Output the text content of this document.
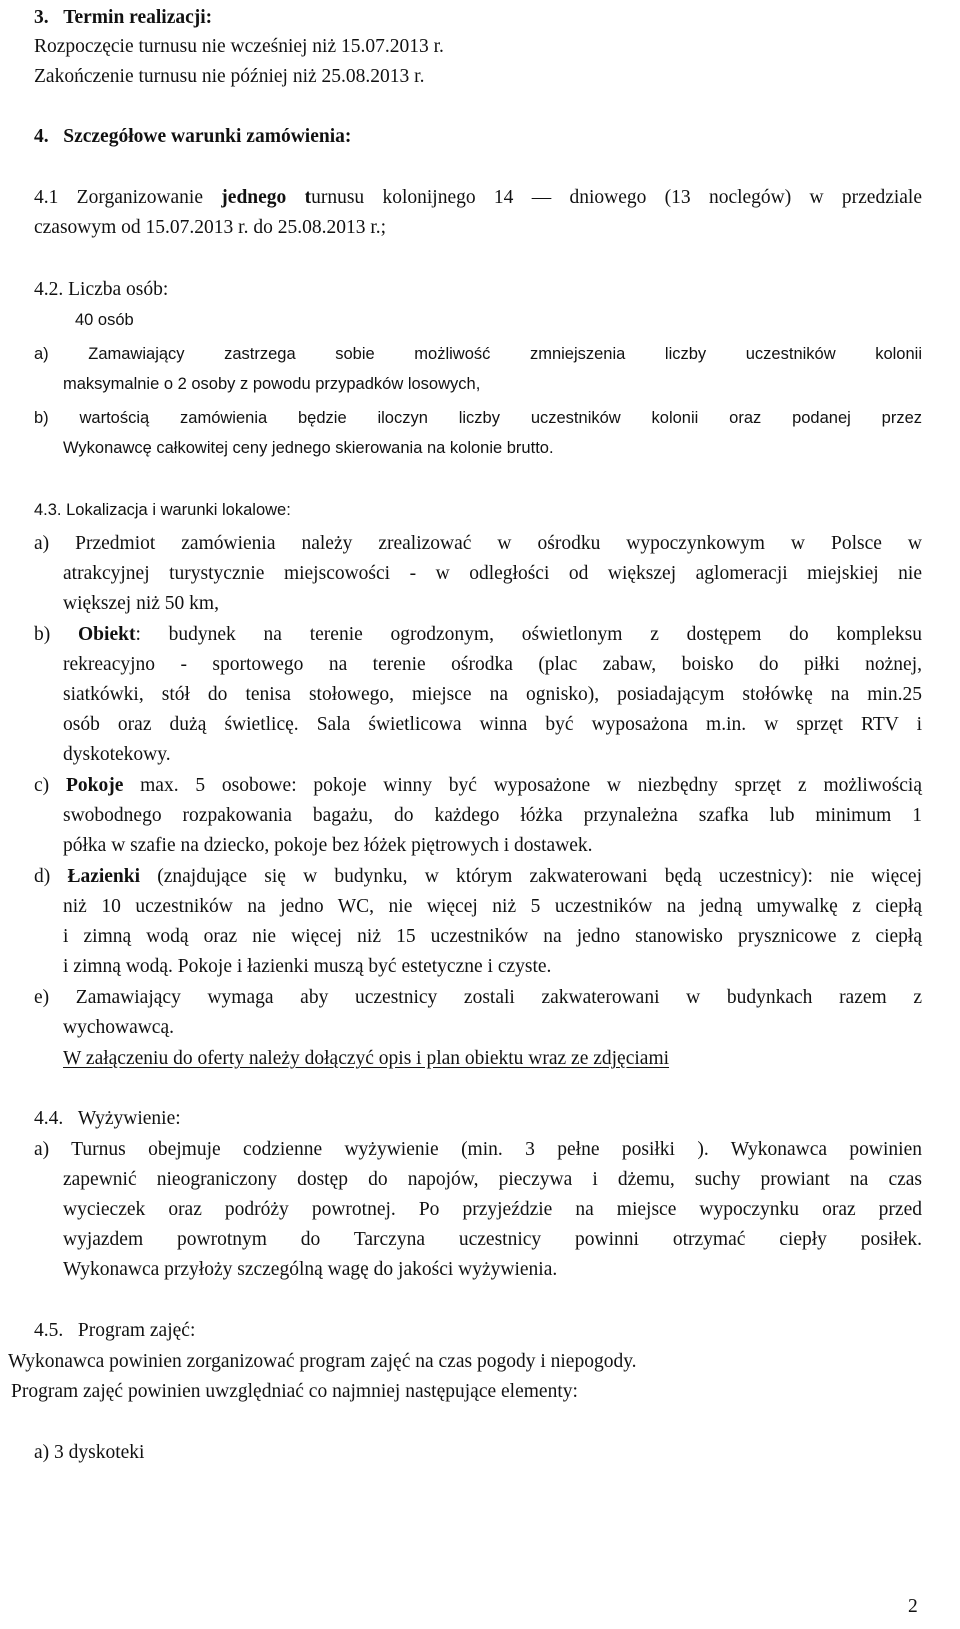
3.   Termin realizacji:
Rozpoczęcie turnusu nie wcześniej niż 15.07.2013 r.
Zakończenie turnusu nie później niż 25.08.2013 r.
4.   Szczegółowe warunki zamówienia:
4.1 Zorganizowanie jednego turnusu kolonijnego 14 — dniowego (13 noclegów) w przedziale
czasowym od 15.07.2013 r. do 25.08.2013 r.;
4.2. Liczba osób:
40 osób
a) Zamawiający zastrzega sobie możliwość zmniejszenia liczby uczestników kolonii
maksymalnie o 2 osoby z powodu przypadków losowych,
b) wartością zamówienia będzie iloczyn liczby uczestników kolonii oraz podanej przez
Wykonawcę całkowitej ceny jednego skierowania na kolonie brutto.
4.3. Lokalizacja i warunki lokalowe:
a) Przedmiot zamówienia należy zrealizować w ośrodku wypoczynkowym w Polsce w
atrakcyjnej turystycznie miejscowości - w odległości od większej aglomeracji miejskiej nie
większej niż 50 km,
b) Obiekt: budynek na terenie ogrodzonym, oświetlonym z dostępem do kompleksu
rekreacyjno - sportowego na terenie ośrodka (plac zabaw, boisko do piłki nożnej,
siatkówki, stół do tenisa stołowego, miejsce na ognisko), posiadającym stołówkę na min.25
osób oraz dużą świetlicę. Sala świetlicowa winna być wyposażona m.in. w sprzęt RTV i
dyskotekowy.
c) Pokoje max. 5 osobowe: pokoje winny być wyposażone w niezbędny sprzęt z możliwością
swobodnego rozpakowania bagażu, do każdego łóżka przynależna szafka lub minimum 1
półka w szafie na dziecko, pokoje bez łóżek piętrowych i dostawek.
d) Łazienki (znajdujące się w budynku, w którym zakwaterowani będą uczestnicy): nie więcej
niż 10 uczestników na jedno WC, nie więcej niż 5 uczestników na jedną umywalkę z ciepłą
i zimną wodą oraz nie więcej niż 15 uczestników na jedno stanowisko prysznicowe z ciepłą
i zimną wodą. Pokoje i łazienki muszą być estetyczne i czyste.
e) Zamawiający wymaga aby uczestnicy zostali zakwaterowani w budynkach razem z
wychowawcą.
W załączeniu do oferty należy dołączyć opis i plan obiektu wraz ze zdjęciami
4.4.   Wyżywienie:
a) Turnus obejmuje codzienne wyżywienie (min. 3 pełne posiłki ). Wykonawca powinien
zapewnić nieograniczony dostęp do napojów, pieczywa i dżemu, suchy prowiant na czas
wycieczek oraz podróży powrotnej. Po przyjeździe na miejsce wypoczynku oraz przed
wyjazdem powrotnym do Tarczyna uczestnicy powinni otrzymać ciepły posiłek.
Wykonawca przyłoży szczególną wagę do jakości wyżywienia.
4.5.   Program zajęć:
Wykonawca powinien zorganizować program zajęć na czas pogody i niepogody.
Program zajęć powinien uwzględniać co najmniej następujące elementy:
a) 3 dyskoteki
2
